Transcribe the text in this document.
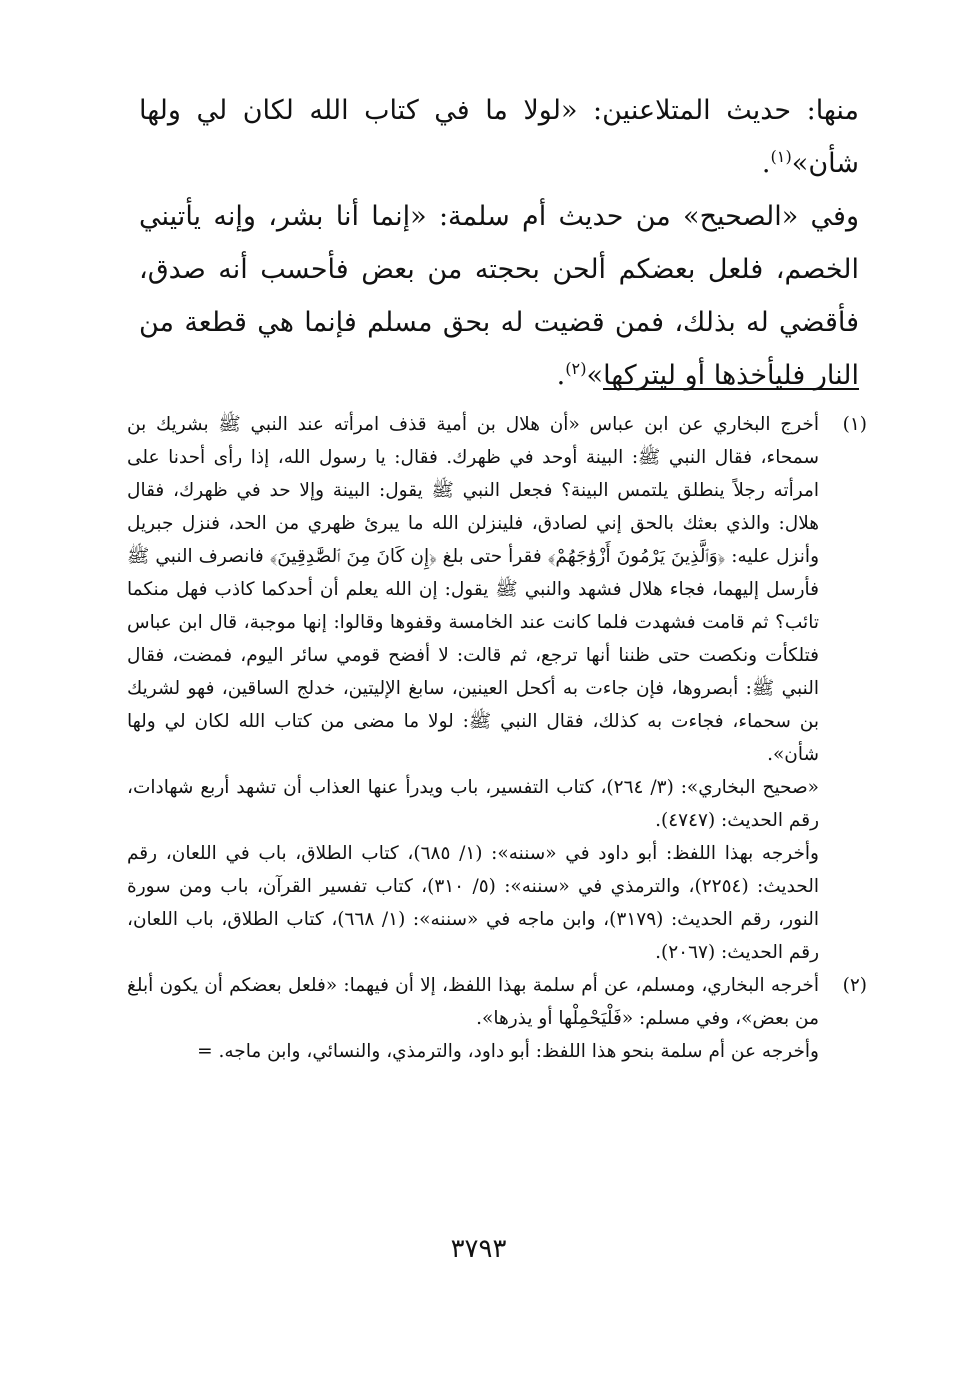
منها: حديث المتلاعنين: «لولا ما في كتاب الله لكان لي ولها شأن»$^{(١)}$.

وفي «الصحيح» من حديث أم سلمة: «إنما أنا بشر، وإنه يأتيني الخصم، فلعل بعضكم ألحن بحجته من بعض فأحسب أنه صدق، فأقضي له بذلك، فمن قضيت له بحق مسلم فإنما هي قطعة من النار فليأخذها أو ليتركها»$^{(٢)}$.

(١)

أخرج البخاري عن ابن عباس «أن هلال بن أمية قذف امرأته عند النبي ﷺ بشريك بن سمحاء، فقال النبي ﷺ: البينة أوحد في ظهرك. فقال: يا رسول الله، إذا رأى أحدنا على امرأته رجلاً ينطلق يلتمس البينة؟ فجعل النبي ﷺ يقول: البينة وإلا حد في ظهرك، فقال هلال: والذي بعثك بالحق إني لصادق، فلينزلن الله ما يبرئ ظهري من الحد، فنزل جبريل وأنزل عليه: ﴿وَٱلَّذِينَ يَرْمُونَ أَزْوَٰجَهُمْ﴾ فقرأ حتى بلغ ﴿إِن كَانَ مِنَ ٱلصَّٰدِقِينَ﴾ فانصرف النبي ﷺ فأرسل إليهما، فجاء هلال فشهد والنبي ﷺ يقول: إن الله يعلم أن أحدكما كاذب فهل منكما تائب؟ ثم قامت فشهدت فلما كانت عند الخامسة وقفوها وقالوا: إنها موجبة، قال ابن عباس فتلكأت ونكصت حتى ظننا أنها ترجع، ثم قالت: لا أفضح قومي سائر اليوم، فمضت، فقال النبي ﷺ: أبصروها، فإن جاءت به أكحل العينين، سابغ الإليتين، خدلج الساقين، فهو لشريك بن سحماء، فجاءت به كذلك، فقال النبي ﷺ: لولا ما مضى من كتاب الله لكان لي ولها شأن».

«صحيح البخاري»: (٣/ ٢٦٤)، كتاب التفسير، باب ويدرأ عنها العذاب أن تشهد أربع شهادات، رقم الحديث: (٤٧٤٧).

وأخرجه بهذا اللفظ: أبو داود في «سننه»: (١/ ٦٨٥)، كتاب الطلاق، باب في اللعان، رقم الحديث: (٢٢٥٤)، والترمذي في «سننه»: (٥/ ٣١٠)، كتاب تفسير القرآن، باب ومن سورة النور، رقم الحديث: (٣١٧٩)، وابن ماجه في «سننه»: (١/ ٦٦٨)، كتاب الطلاق، باب اللعان، رقم الحديث: (٢٠٦٧).

(٢)

أخرجه البخاري، ومسلم، عن أم سلمة بهذا اللفظ، إلا أن فيهما: «فلعل بعضكم أن يكون أبلغ من بعض»، وفي مسلم: «فَلْيَحْمِلْها أو يذرها».

وأخرجه عن أم سلمة بنحو هذا اللفظ: أبو داود، والترمذي، والنسائي، وابن ماجه. =

٣٧٩٣
